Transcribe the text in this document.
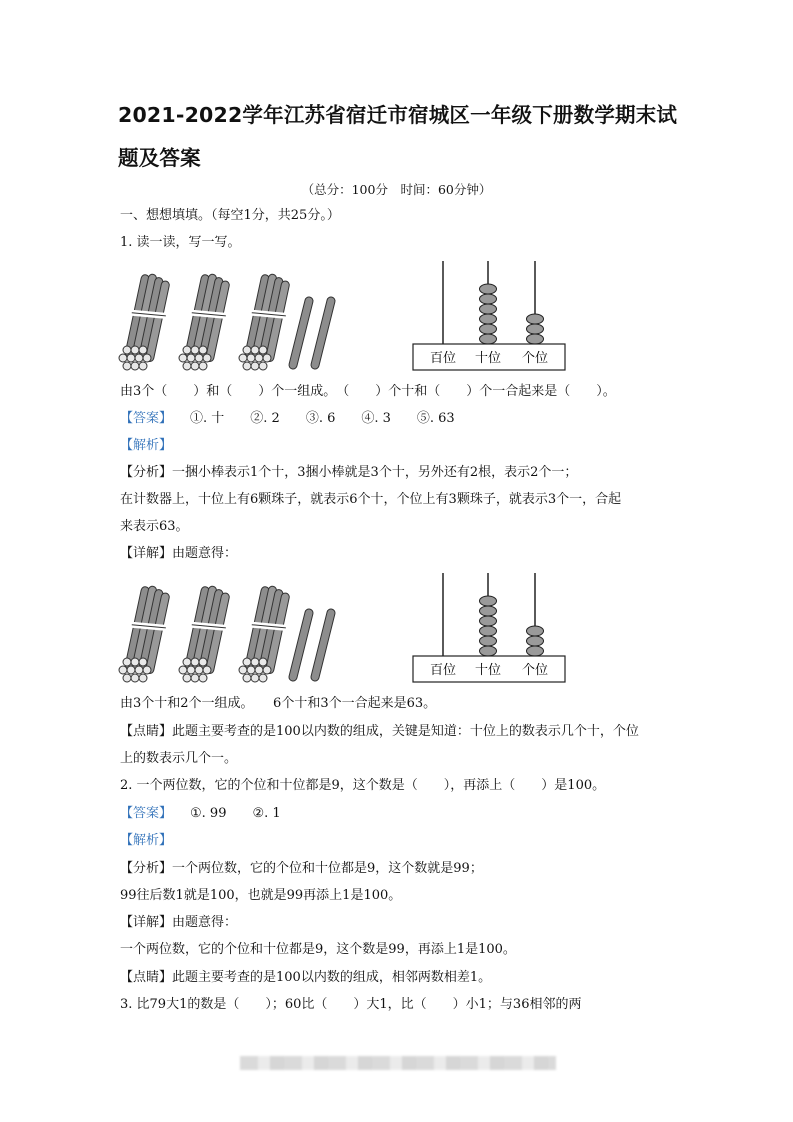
2021-2022学年江苏省宿迁市宿城区一年级下册数学期末试
题及答案
（总分：100分　时间：60分钟）
一、想想填填。（每空1分，共25分。）
1. 读一读，写一写。
百位 十位 个位
由3个（　　）和（　　）个一组成。　（　　）个十和（　　）个一合起来是（　　）。
【答案】 ①. 十　　②. 2　　③. 6　　④. 3　　⑤. 63
【解析】
【分析】一捆小棒表示1个十，3捆小棒就是3个十，另外还有2根，表示2个一；
在计数器上，十位上有6颗珠子，就表示6个十，个位上有3颗珠子，就表示3个一，合起
来表示63。
【详解】由题意得：
百位 十位 个位
由3个十和2个一组成。　　6个十和3个一合起来是63。
【点睛】此题主要考查的是100以内数的组成，关键是知道：十位上的数表示几个十，个位
上的数表示几个一。
2. 一个两位数，它的个位和十位都是9，这个数是（　　），再添上（　　）是100。
【答案】 ①. 99　　②. 1
【解析】
【分析】一个两位数，它的个位和十位都是9，这个数就是99；
99往后数1就是100，也就是99再添上1是100。
【详解】由题意得：
一个两位数，它的个位和十位都是9，这个数是99，再添上1是100。
【点睛】此题主要考查的是100以内数的组成，相邻两数相差1。
3. 比79大1的数是（　　）；60比（　　）大1，比（　　）小1；与36相邻的两
